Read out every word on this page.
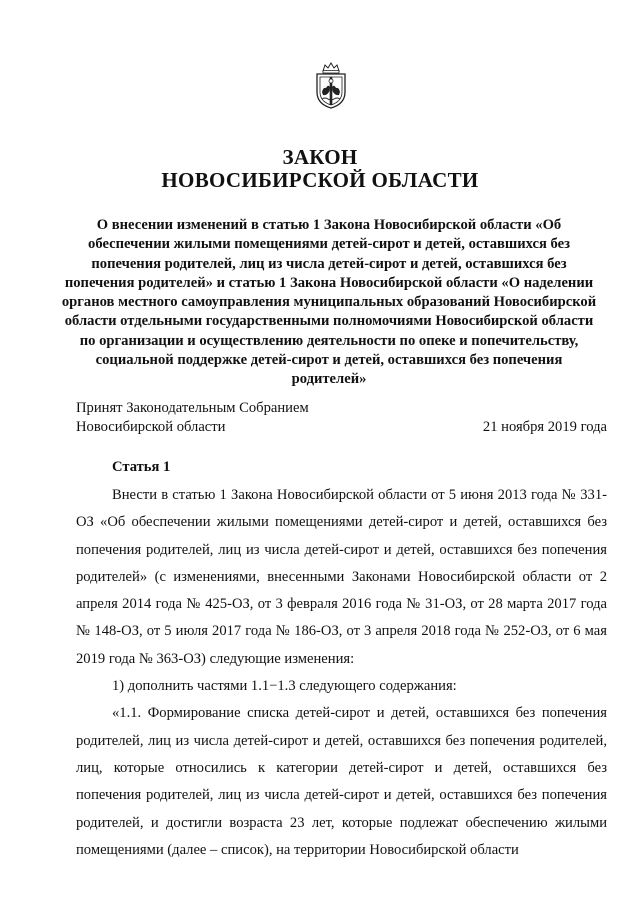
ЗАКОН
НОВОСИБИРСКОЙ ОБЛАСТИ
О внесении изменений в статью 1 Закона Новосибирской области «Об обеспечении жилыми помещениями детей-сирот и детей, оставшихся без попечения родителей, лиц из числа детей-сирот и детей, оставшихся без попечения родителей» и статью 1 Закона Новосибирской области «О наделении органов местного самоуправления муниципальных образований Новосибирской области отдельными государственными полномочиями Новосибирской области по организации и осуществлению деятельности по опеке и попечительству, социальной поддержке детей-сирот и детей, оставшихся без попечения родителей»
Принят Законодательным Собранием
Новосибирской области	21 ноября 2019 года
Статья 1

Внести в статью 1 Закона Новосибирской области от 5 июня 2013 года № 331-ОЗ «Об обеспечении жилыми помещениями детей-сирот и детей, оставшихся без попечения родителей, лиц из числа детей-сирот и детей, оставшихся без попечения родителей» (с изменениями, внесенными Законами Новосибирской области от 2 апреля 2014 года № 425-ОЗ, от 3 февраля 2016 года № 31-ОЗ, от 28 марта 2017 года № 148-ОЗ, от 5 июля 2017 года № 186-ОЗ, от 3 апреля 2018 года № 252-ОЗ, от 6 мая 2019 года № 363-ОЗ) следующие изменения:

1) дополнить частями 1.1−1.3 следующего содержания:

«1.1. Формирование списка детей-сирот и детей, оставшихся без попечения родителей, лиц из числа детей-сирот и детей, оставшихся без попечения родителей, лиц, которые относились к категории детей-сирот и детей, оставшихся без попечения родителей, лиц из числа детей-сирот и детей, оставшихся без попечения родителей, и достигли возраста 23 лет, которые подлежат обеспечению жилыми помещениями (далее – список), на территории Новосибирской области
